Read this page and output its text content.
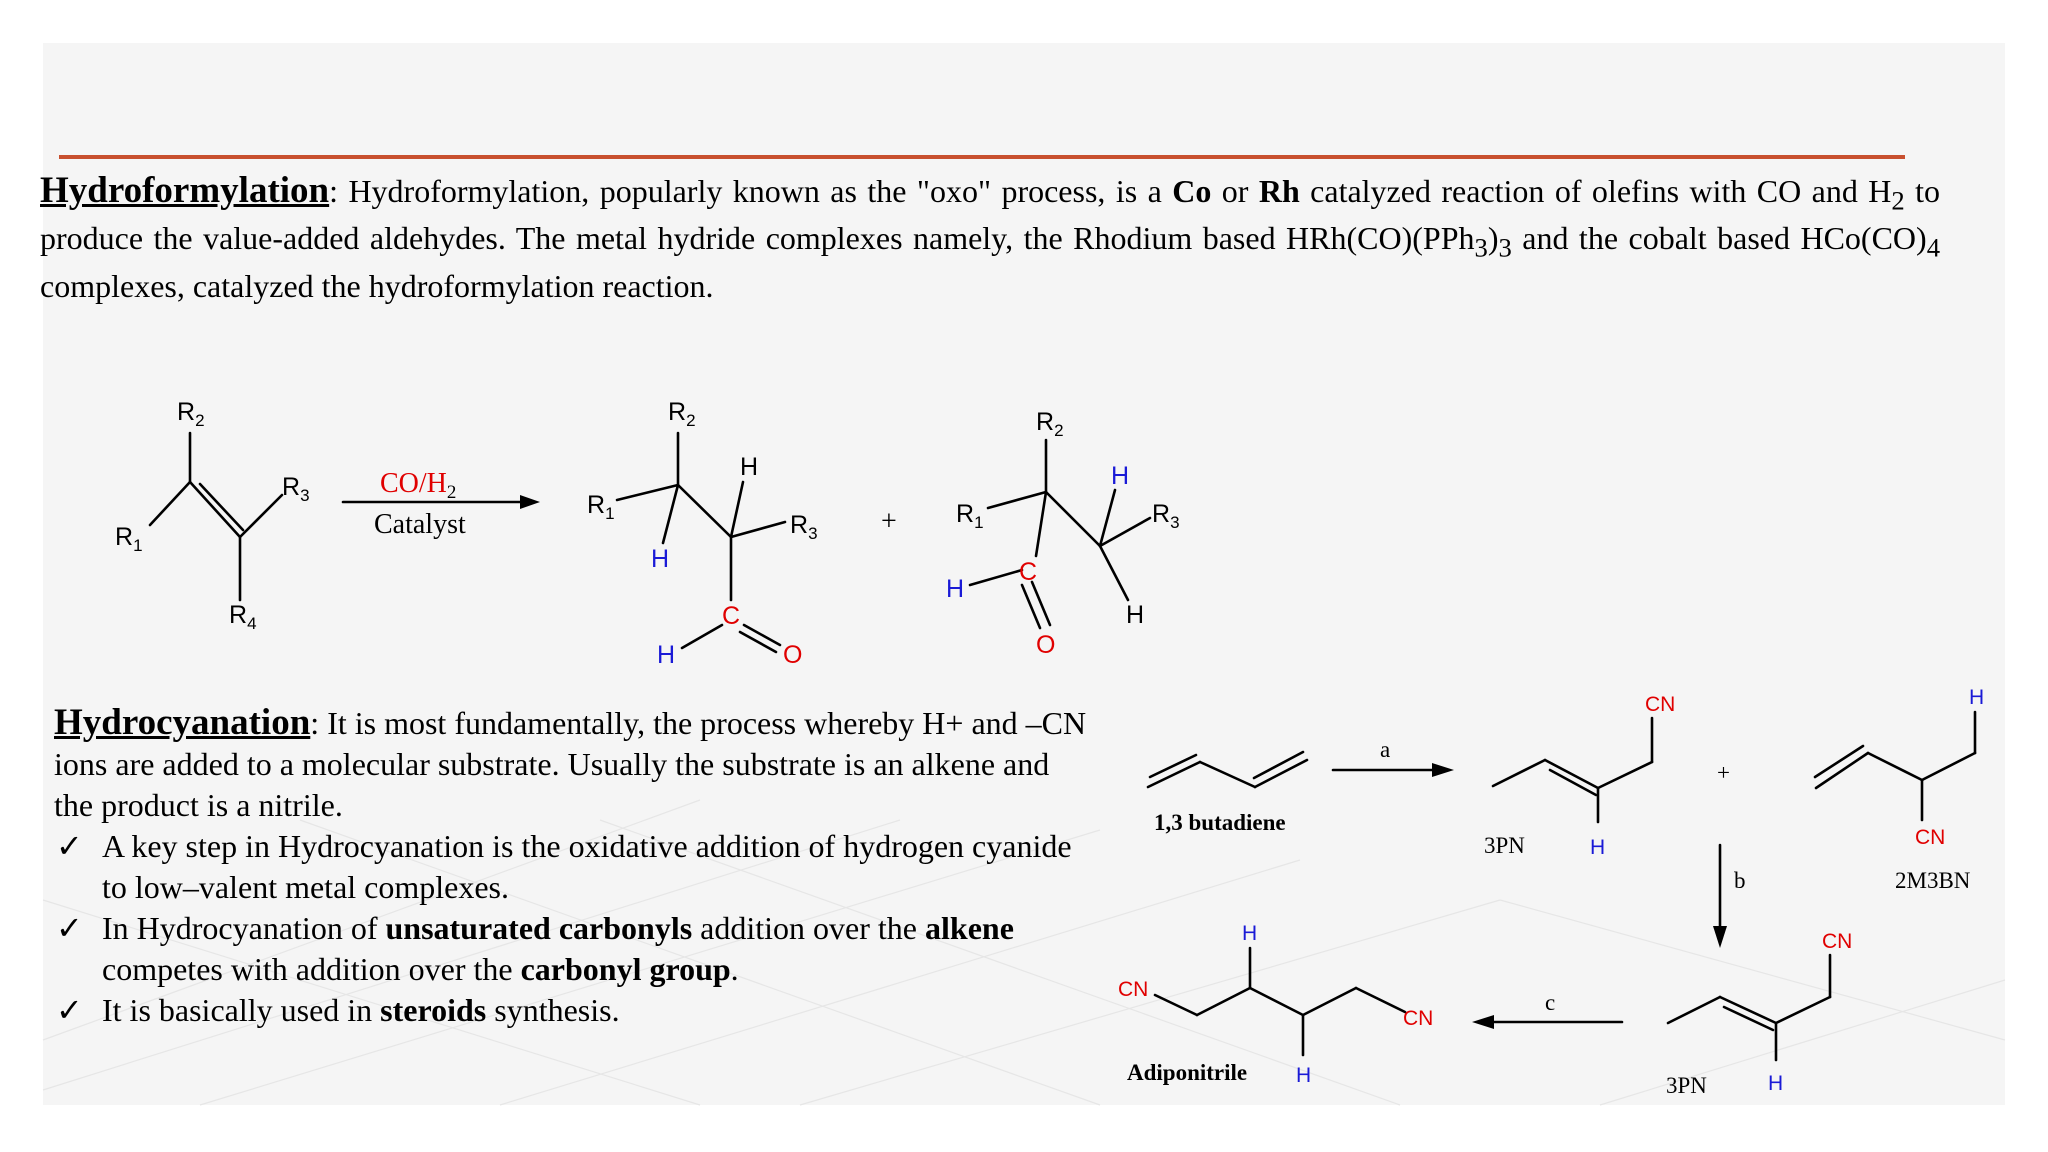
Hydroformylation: Hydroformylation, popularly known as the "oxo" process, is a Co or Rh catalyzed reaction of olefins with CO and $H_2$ to produce the value-added aldehydes. The metal hydride complexes namely, the Rhodium based $HRh(CO)(PPh_3)_3$ and the cobalt based $HCo(CO)_4$ complexes, catalyzed the hydroformylation reaction.
Hydrocyanation: It is most fundamentally, the process whereby H+ and –CN ions are added to a molecular substrate. Usually the substrate is an alkene and the product is a nitrile.
✓ A key step in Hydrocyanation is the oxidative addition of hydrogen cyanide to low–valent metal complexes.
✓ In Hydrocyanation of unsaturated carbonyls addition over the alkene competes with addition over the carbonyl group.
✓ It is basically used in steroids synthesis.
$R_2$
$R_3$
$R_1$
$R_4$
$R_2$
$R_1$	$R_3$
H
$R_2$
$R_1$	$R_3$
H
H
H
C
O
H
H
C
O
$CO/H_2$
Catalyst	+
CN
H
H
CN
CN
H
CN
H
H
CN
1,3 butadiene
a
+
3PN
2M3BN
b
c
3PN
Adiponitrile
